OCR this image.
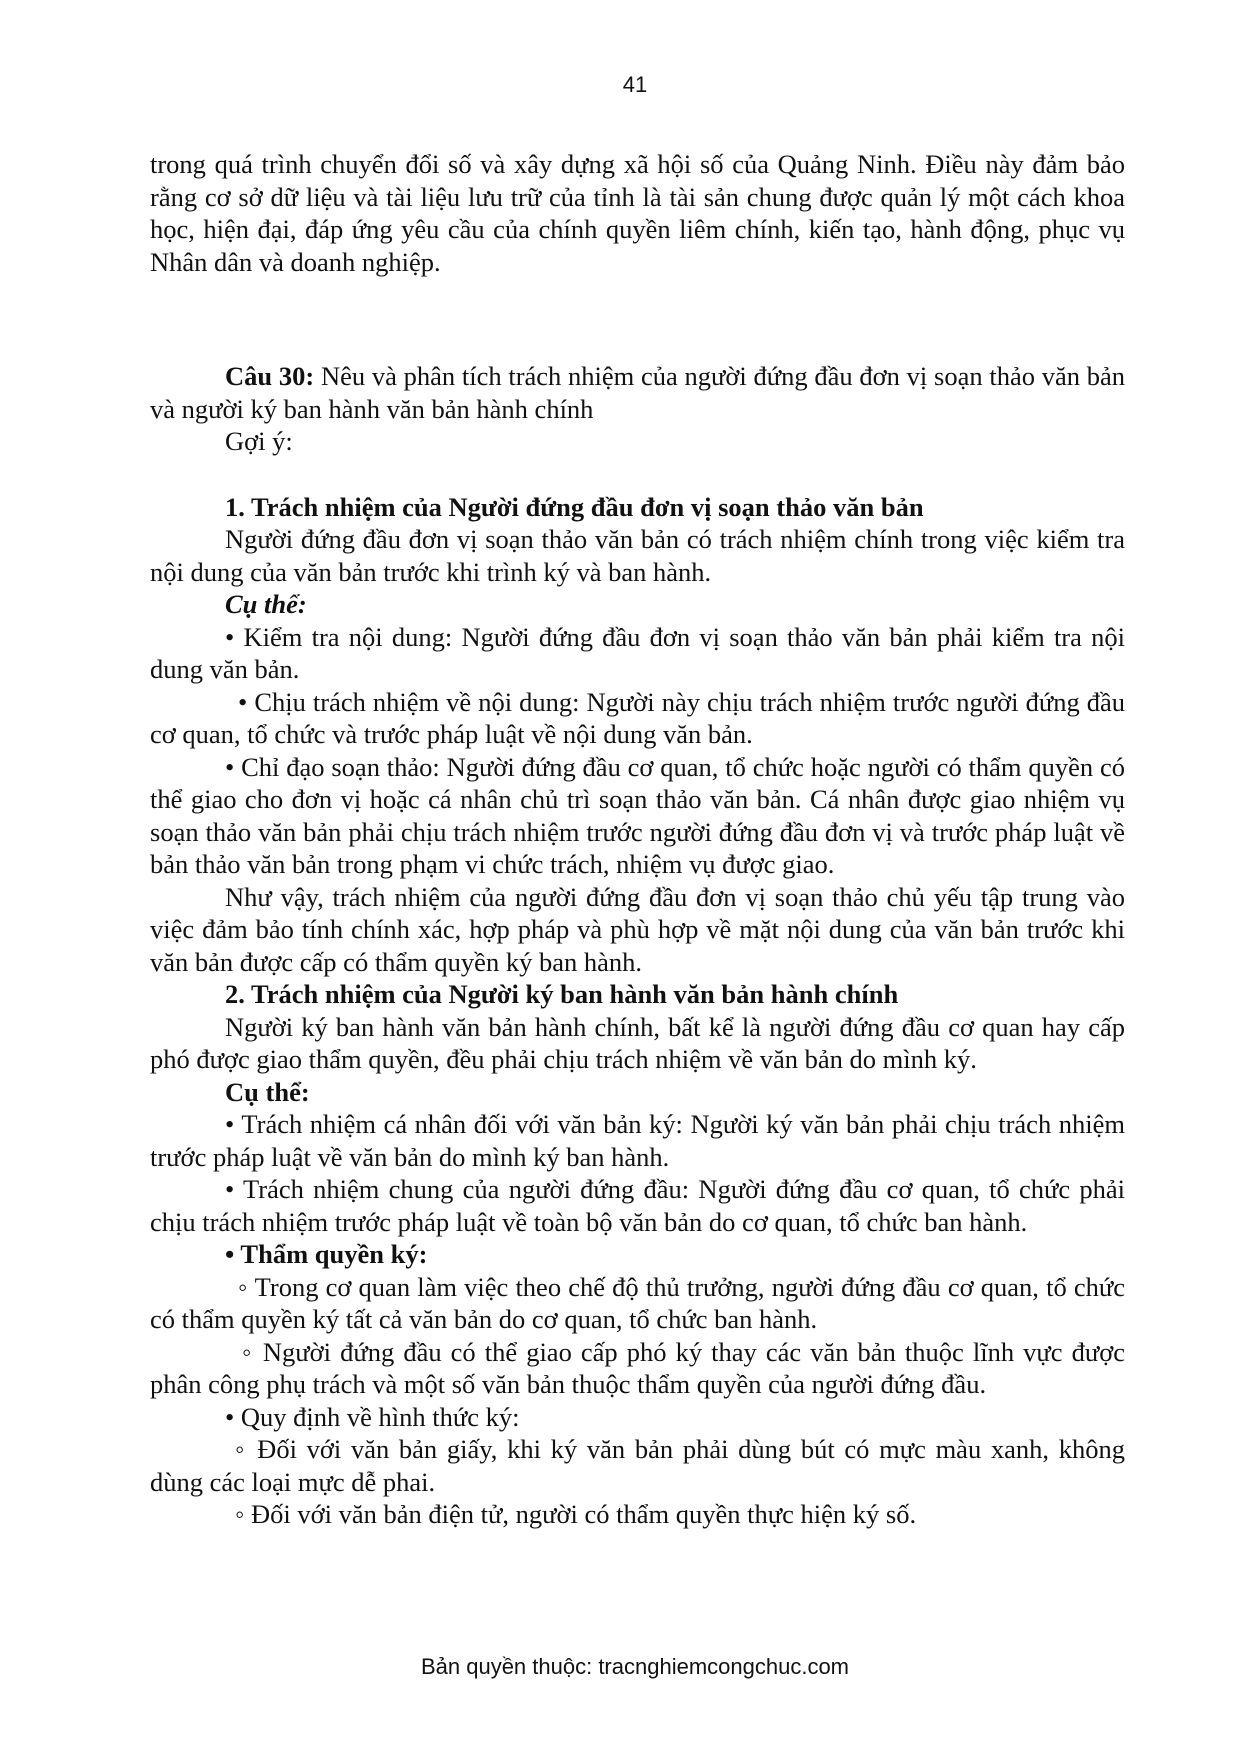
41

trong quá trình chuyển đổi số và xây dựng xã hội số của Quảng Ninh. Điều này đảm bảo rằng cơ sở dữ liệu và tài liệu lưu trữ của tỉnh là tài sản chung được quản lý một cách khoa học, hiện đại, đáp ứng yêu cầu của chính quyền liêm chính, kiến tạo, hành động, phục vụ Nhân dân và doanh nghiệp.

Câu 30: Nêu và phân tích trách nhiệm của người đứng đầu đơn vị soạn thảo văn bản và người ký ban hành văn bản hành chính

Gợi ý:

1. Trách nhiệm của Người đứng đầu đơn vị soạn thảo văn bản

Người đứng đầu đơn vị soạn thảo văn bản có trách nhiệm chính trong việc kiểm tra nội dung của văn bản trước khi trình ký và ban hành.

Cụ thể:

• Kiểm tra nội dung: Người đứng đầu đơn vị soạn thảo văn bản phải kiểm tra nội dung văn bản.

• Chịu trách nhiệm về nội dung: Người này chịu trách nhiệm trước người đứng đầu cơ quan, tổ chức và trước pháp luật về nội dung văn bản.

• Chỉ đạo soạn thảo: Người đứng đầu cơ quan, tổ chức hoặc người có thẩm quyền có thể giao cho đơn vị hoặc cá nhân chủ trì soạn thảo văn bản. Cá nhân được giao nhiệm vụ soạn thảo văn bản phải chịu trách nhiệm trước người đứng đầu đơn vị và trước pháp luật về bản thảo văn bản trong phạm vi chức trách, nhiệm vụ được giao.

Như vậy, trách nhiệm của người đứng đầu đơn vị soạn thảo chủ yếu tập trung vào việc đảm bảo tính chính xác, hợp pháp và phù hợp về mặt nội dung của văn bản trước khi văn bản được cấp có thẩm quyền ký ban hành.

2. Trách nhiệm của Người ký ban hành văn bản hành chính

Người ký ban hành văn bản hành chính, bất kể là người đứng đầu cơ quan hay cấp phó được giao thẩm quyền, đều phải chịu trách nhiệm về văn bản do mình ký.

Cụ thể:

• Trách nhiệm cá nhân đối với văn bản ký: Người ký văn bản phải chịu trách nhiệm trước pháp luật về văn bản do mình ký ban hành.

• Trách nhiệm chung của người đứng đầu: Người đứng đầu cơ quan, tổ chức phải chịu trách nhiệm trước pháp luật về toàn bộ văn bản do cơ quan, tổ chức ban hành.

• Thẩm quyền ký:

◦ Trong cơ quan làm việc theo chế độ thủ trưởng, người đứng đầu cơ quan, tổ chức có thẩm quyền ký tất cả văn bản do cơ quan, tổ chức ban hành.

◦ Người đứng đầu có thể giao cấp phó ký thay các văn bản thuộc lĩnh vực được phân công phụ trách và một số văn bản thuộc thẩm quyền của người đứng đầu.

• Quy định về hình thức ký:

◦ Đối với văn bản giấy, khi ký văn bản phải dùng bút có mực màu xanh, không dùng các loại mực dễ phai.

◦ Đối với văn bản điện tử, người có thẩm quyền thực hiện ký số.

Bản quyền thuộc: tracnghiemcongchuc.com
